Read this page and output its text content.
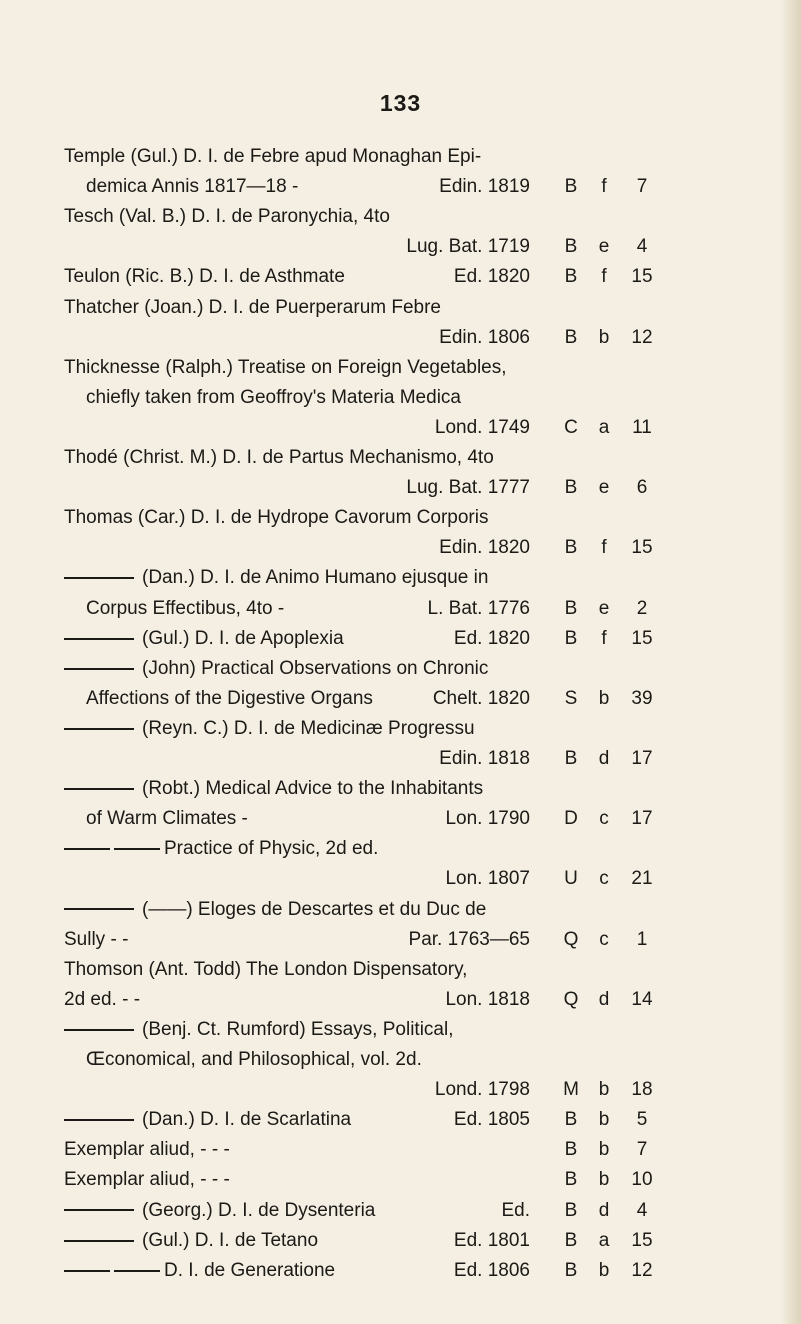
133
Temple (Gul.) D. I. de Febre apud Monaghan Epi-
demica Annis 1817—18 -	Edin. 1819 B	f	7
Tesch (Val. B.) D. I. de Paronychia, 4to
Lug. Bat. 1719 B	e	4
Teulon (Ric. B.) D. I. de Asthmate	Ed. 1820 B	f	15
Thatcher (Joan.) D. I. de Puerperarum Febre
Edin. 1806 B	b	12
Thicknesse (Ralph.) Treatise on Foreign Vegetables,
chiefly taken from Geoffroy's Materia Medica
Lond. 1749 C	a	11
Thodé (Christ. M.) D. I. de Partus Mechanismo, 4to
Lug. Bat. 1777 B	e	6
Thomas (Car.) D. I. de Hydrope Cavorum Corporis
Edin. 1820 B	f	15
(Dan.) D. I. de Animo Humano ejusque in
Corpus Effectibus, 4to -	L. Bat. 1776 B	e	2
(Gul.) D. I. de Apoplexia	Ed. 1820 B	f	15
(John) Practical Observations on Chronic
Affections of the Digestive Organs	Chelt. 1820 S	b	39
(Reyn. C.) D. I. de Medicinæ Progressu
Edin. 1818 B	d	17
(Robt.) Medical Advice to the Inhabitants
of Warm Climates -	Lon. 1790 D	c	17
Practice of Physic, 2d ed.
Lon. 1807 U	c	21
(——) Eloges de Descartes et du Duc de
Sully - -	Par. 1763—65 Q	c	1
Thomson (Ant. Todd) The London Dispensatory,
2d ed. - -	Lon. 1818 Q	d	14
(Benj. Ct. Rumford) Essays, Political,
Œconomical, and Philosophical, vol. 2d.
Lond. 1798 M	b	18
(Dan.) D. I. de Scarlatina	Ed. 1805 B	b	5
Exemplar aliud, - - -	B	b	7
Exemplar aliud, - - -	B	b	10
(Georg.) D. I. de Dysenteria	Ed. B	d	4
(Gul.) D. I. de Tetano	Ed. 1801 B	a	15
D. I. de Generatione	Ed. 1806 B	b	12
